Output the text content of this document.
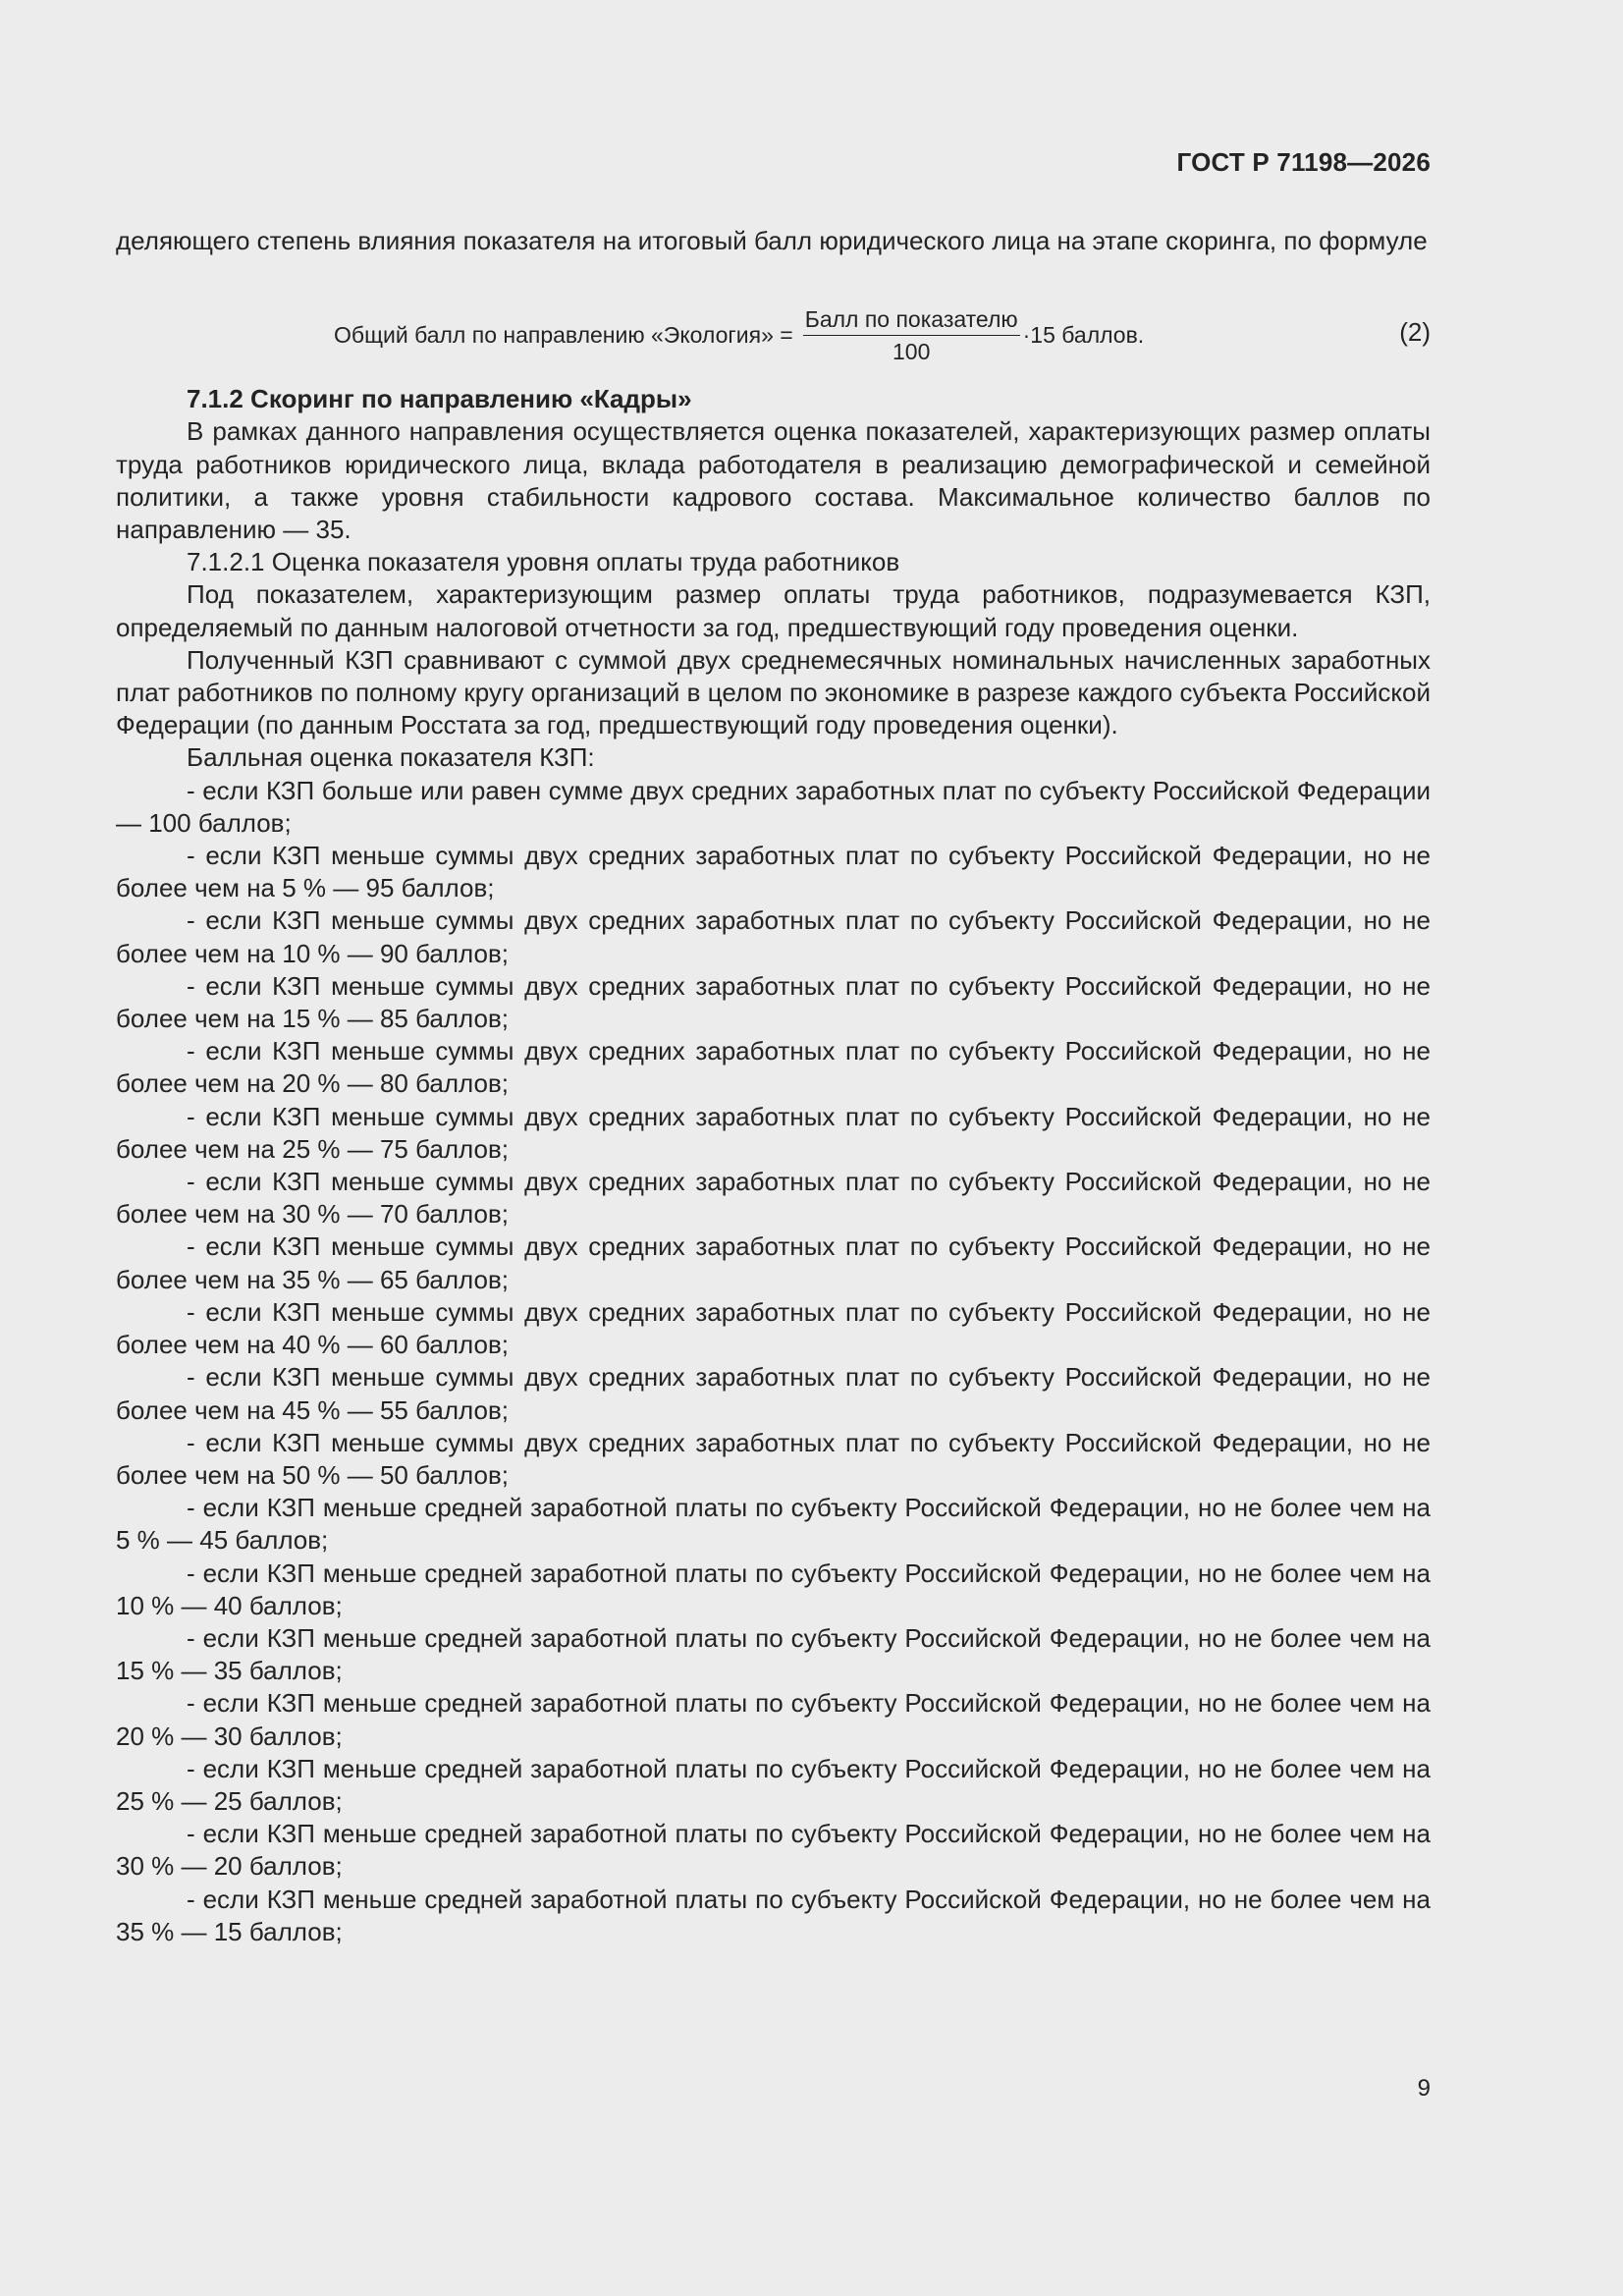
ГОСТ Р 71198—2026

деляющего степень влияния показателя на итоговый балл юридического лица на этапе скоринга, по формуле

Общий балл по направлению «Экология» = $\frac{\text{Балл по показателю}}{100} \cdot 15$ баллов.	(2)

7.1.2 Скоринг по направлению «Кадры»

В рамках данного направления осуществляется оценка показателей, характеризующих размер оплаты труда работников юридического лица, вклада работодателя в реализацию демографической и семейной политики, а также уровня стабильности кадрового состава. Максимальное количество баллов по направлению — 35.

7.1.2.1 Оценка показателя уровня оплаты труда работников

Под показателем, характеризующим размер оплаты труда работников, подразумевается КЗП, определяемый по данным налоговой отчетности за год, предшествующий году проведения оценки.

Полученный КЗП сравнивают с суммой двух среднемесячных номинальных начисленных заработных плат работников по полному кругу организаций в целом по экономике в разрезе каждого субъекта Российской Федерации (по данным Росстата за год, предшествующий году проведения оценки).

Балльная оценка показателя КЗП:

- если КЗП больше или равен сумме двух средних заработных плат по субъекту Российской Федерации — 100 баллов;

- если КЗП меньше суммы двух средних заработных плат по субъекту Российской Федерации, но не более чем на 5 % — 95 баллов;

- если КЗП меньше суммы двух средних заработных плат по субъекту Российской Федерации, но не более чем на 10 % — 90 баллов;

- если КЗП меньше суммы двух средних заработных плат по субъекту Российской Федерации, но не более чем на 15 % — 85 баллов;

- если КЗП меньше суммы двух средних заработных плат по субъекту Российской Федерации, но не более чем на 20 % — 80 баллов;

- если КЗП меньше суммы двух средних заработных плат по субъекту Российской Федерации, но не более чем на 25 % — 75 баллов;

- если КЗП меньше суммы двух средних заработных плат по субъекту Российской Федерации, но не более чем на 30 % — 70 баллов;

- если КЗП меньше суммы двух средних заработных плат по субъекту Российской Федерации, но не более чем на 35 % — 65 баллов;

- если КЗП меньше суммы двух средних заработных плат по субъекту Российской Федерации, но не более чем на 40 % — 60 баллов;

- если КЗП меньше суммы двух средних заработных плат по субъекту Российской Федерации, но не более чем на 45 % — 55 баллов;

- если КЗП меньше суммы двух средних заработных плат по субъекту Российской Федерации, но не более чем на 50 % — 50 баллов;

- если КЗП меньше средней заработной платы по субъекту Российской Федерации, но не более чем на 5 % — 45 баллов;

- если КЗП меньше средней заработной платы по субъекту Российской Федерации, но не более чем на 10 % — 40 баллов;

- если КЗП меньше средней заработной платы по субъекту Российской Федерации, но не более чем на 15 % — 35 баллов;

- если КЗП меньше средней заработной платы по субъекту Российской Федерации, но не более чем на 20 % — 30 баллов;

- если КЗП меньше средней заработной платы по субъекту Российской Федерации, но не более чем на 25 % — 25 баллов;

- если КЗП меньше средней заработной платы по субъекту Российской Федерации, но не более чем на 30 % — 20 баллов;

- если КЗП меньше средней заработной платы по субъекту Российской Федерации, но не более чем на 35 % — 15 баллов;

9
